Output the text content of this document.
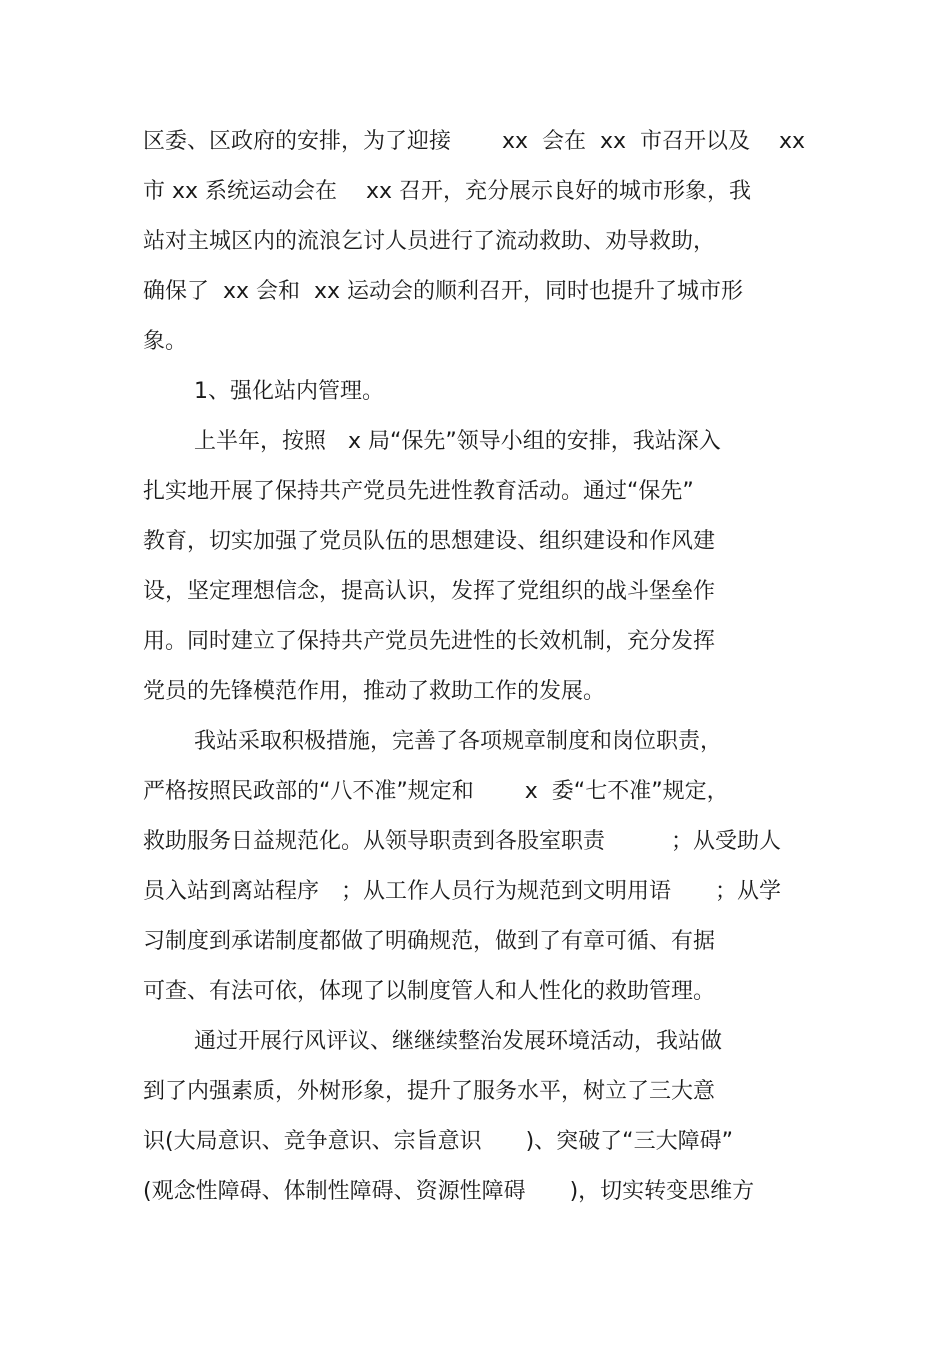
区委、区政府的安排，为了迎接　　 xx  会在  xx  市召开以及　 xx
市 xx 系统运动会在　 xx 召开，充分展示良好的城市形象，我
站对主城区内的流浪乞讨人员进行了流动救助、劝导救助，
确保了  xx 会和  xx 运动会的顺利召开，同时也提升了城市形
象。
1、强化站内管理。
上半年，按照　x 局“保先”领导小组的安排，我站深入
扎实地开展了保持共产党员先进性教育活动。通过“保先”
教育，切实加强了党员队伍的思想建设、组织建设和作风建
设，坚定理想信念，提高认识，发挥了党组织的战斗堡垒作
用。同时建立了保持共产党员先进性的长效机制，充分发挥
党员的先锋模范作用，推动了救助工作的发展。
我站采取积极措施，完善了各项规章制度和岗位职责，
严格按照民政部的“八不准”规定和　　 x  委“七不准”规定，
救助服务日益规范化。从领导职责到各股室职责　　　；从受助人
员入站到离站程序　；从工作人员行为规范到文明用语　　；从学
习制度到承诺制度都做了明确规范，做到了有章可循、有据
可查、有法可依，体现了以制度管人和人性化的救助管理。
通过开展行风评议、继继续整治发展环境活动，我站做
到了内强素质，外树形象，提升了服务水平，树立了三大意
识(大局意识、竞争意识、宗旨意识　　)、突破了“三大障碍”
(观念性障碍、体制性障碍、资源性障碍　　)，切实转变思维方
